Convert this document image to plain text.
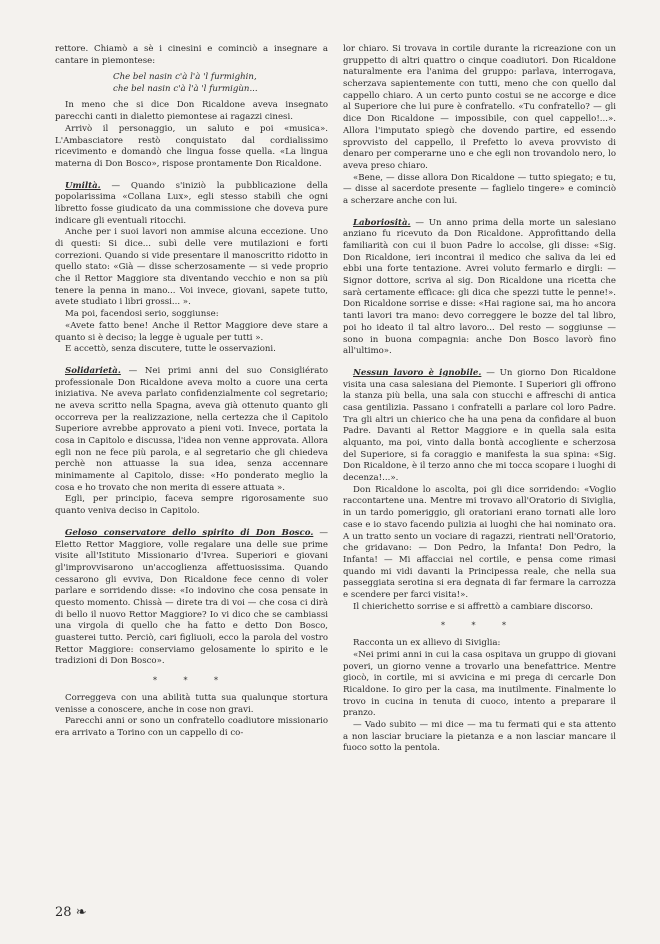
rettore. Chiamò a sè i cinesini e cominciò a insegnare a cantare in piemontese:

Che bel nasin c'à l'à 'l furmighin,
che bel nasin c'à l'à 'l furmigùn...

In meno che si dice Don Ricaldone aveva insegnato parecchi canti in dialetto piemontese ai ragazzi cinesi.

Arrivò il personaggio, un saluto e poi «musica». L'Ambasciatore restò conquistato dal cordialissimo ricevimento e domandò che lingua fosse quella. «La lingua materna di Don Bosco», rispose prontamente Don Ricaldone.

Umiltà. — Quando s'iniziò la pubblicazione della popolarissima «Collana Lux», egli stesso stabilì che ogni libretto fosse giudicato da una commissione che doveva pure indicare gli eventuali ritocchi.

Anche per i suoi lavori non ammise alcuna eccezione. Uno di questi: Si dice... subì delle vere mutilazioni e forti correzioni. Quando si vide presentare il manoscritto ridotto in quello stato: «Già — disse scherzosamente — si vede proprio che il Rettor Maggiore sta diventando vecchio e non sa più tenere la penna in mano... Voi invece, giovani, sapete tutto, avete studiato i libri grossi... ».

Ma poi, facendosi serio, soggiunse:

«Avete fatto bene! Anche il Rettor Maggiore deve stare a quanto si è deciso; la legge è uguale per tutti ».

E accettò, senza discutere, tutte le osservazioni.

Solidarietà. — Nei primi anni del suo Consigliérato professionale Don Ricaldone aveva molto a cuore una certa iniziativa. Ne aveva parlato confidenzialmente col segretario; ne aveva scritto nella Spagna, aveva già ottenuto quanto gli occorreva per la realizzazione, nella certezza che il Capitolo Superiore avrebbe approvato a pieni voti. Invece, portata la cosa in Capitolo e discussa, l'idea non venne approvata. Allora egli non ne fece più parola, e al segretario che gli chiedeva perchè non attuasse la sua idea, senza accennare minimamente al Capitolo, disse: «Ho ponderato meglio la cosa e ho trovato che non merita di essere attuata ».

Egli, per principio, faceva sempre rigorosamente suo quanto veniva deciso in Capitolo.

Geloso conservatore dello spirito di Don Bosco. — Eletto Rettor Maggiore, volle regalare una delle sue prime visite all'Istituto Missionario d'Ivrea. Superiori e giovani gl'improvvisarono un'accoglienza affettuosissima. Quando cessarono gli evviva, Don Ricaldone fece cenno di voler parlare e sorridendo disse: «Io indovino che cosa pensate in questo momento. Chissà — direte tra di voi — che cosa ci dirà di bello il nuovo Rettor Maggiore? Io vi dico che se cambiassi una virgola di quello che ha fatto e detto Don Bosco, guasterei tutto. Perciò, cari figliuoli, ecco la parola del vostro Rettor Maggiore: conserviamo gelosamente lo spirito e le tradizioni di Don Bosco».

* * *

Correggeva con una abilità tutta sua qualunque stortura venisse a conoscere, anche in cose non gravi.

Parecchi anni or sono un confratello coadiutore missionario era arrivato a Torino con un cappello di co-

lor chiaro. Si trovava in cortile durante la ricreazione con un gruppetto di altri quattro o cinque coadiutori. Don Ricaldone naturalmente era l'anima del gruppo: parlava, interrogava, scherzava sapientemente con tutti, meno che con quello dal cappello chiaro. A un certo punto costui se ne accorge e dice al Superiore che lui pure è confratello. «Tu confratello? — gli dice Don Ricaldone — impossibile, con quel cappello!...». Allora l'imputato spiegò che dovendo partire, ed essendo sprovvisto del cappello, il Prefetto lo aveva provvisto di denaro per comperarne uno e che egli non trovandolo nero, lo aveva preso chiaro.

«Bene, — disse allora Don Ricaldone — tutto spiegato; e tu, — disse al sacerdote presente — faglielo tingere» e cominciò a scherzare anche con lui.

Laboriosità. — Un anno prima della morte un salesiano anziano fu ricevuto da Don Ricaldone. Approfittando della familiarità con cui il buon Padre lo accolse, gli disse: «Sig. Don Ricaldone, ieri incontrai il medico che saliva da lei ed ebbi una forte tentazione. Avrei voluto fermarlo e dirgli: — Signor dottore, scriva al sig. Don Ricaldone una ricetta che sarà certamente efficace: gli dica che spezzi tutte le penne!». Don Ricaldone sorrise e disse: «Hai ragione sai, ma ho ancora tanti lavori tra mano: devo correggere le bozze del tal libro, poi ho ideato il tal altro lavoro... Del resto — soggiunse — sono in buona compagnia: anche Don Bosco lavorò fino all'ultimo».

Nessun lavoro è ignobile. — Un giorno Don Ricaldone visita una casa salesiana del Piemonte. I Superiori gli offrono la stanza più bella, una sala con stucchi e affreschi di antica casa gentilizia. Passano i confratelli a parlare col loro Padre. Tra gli altri un chierico che ha una pena da confidare al buon Padre. Davanti al Rettor Maggiore e in quella sala esita alquanto, ma poi, vinto dalla bontà accogliente e scherzosa del Superiore, si fa coraggio e manifesta la sua spina: «Sig. Don Ricaldone, è il terzo anno che mi tocca scopare i luoghi di decenza!...».

Don Ricaldone lo ascolta, poi gli dice sorridendo: «Voglio raccontartene una. Mentre mi trovavo all'Oratorio di Siviglia, in un tardo pomeriggio, gli oratoriani erano tornati alle loro case e io stavo facendo pulizia ai luoghi che hai nominato ora. A un tratto sento un vociare di ragazzi, rientrati nell'Oratorio, che gridavano: — Don Pedro, la Infanta! Don Pedro, la Infanta! — Mi affacciai nel cortile, e pensa come rimasi quando mi vidi davanti la Principessa reale, che nella sua passeggiata serotina si era degnata di far fermare la carrozza e scendere per farci visita!».

Il chierichetto sorrise e si affrettò a cambiare discorso.

* * *

Racconta un ex allievo di Siviglia:

«Nei primi anni in cui la casa ospitava un gruppo di giovani poveri, un giorno venne a trovarlo una benefattrice. Mentre giocò, in cortile, mi si avvicina e mi prega di cercarle Don Ricaldone. Io giro per la casa, ma inutilmente. Finalmente lo trovo in cucina in tenuta di cuoco, intento a preparare il pranzo.

— Vado subito — mi dice — ma tu fermati qui e sta attento a non lasciar bruciare la pietanza e a non lasciar mancare il fuoco sotto la pentola.

28 ❧
